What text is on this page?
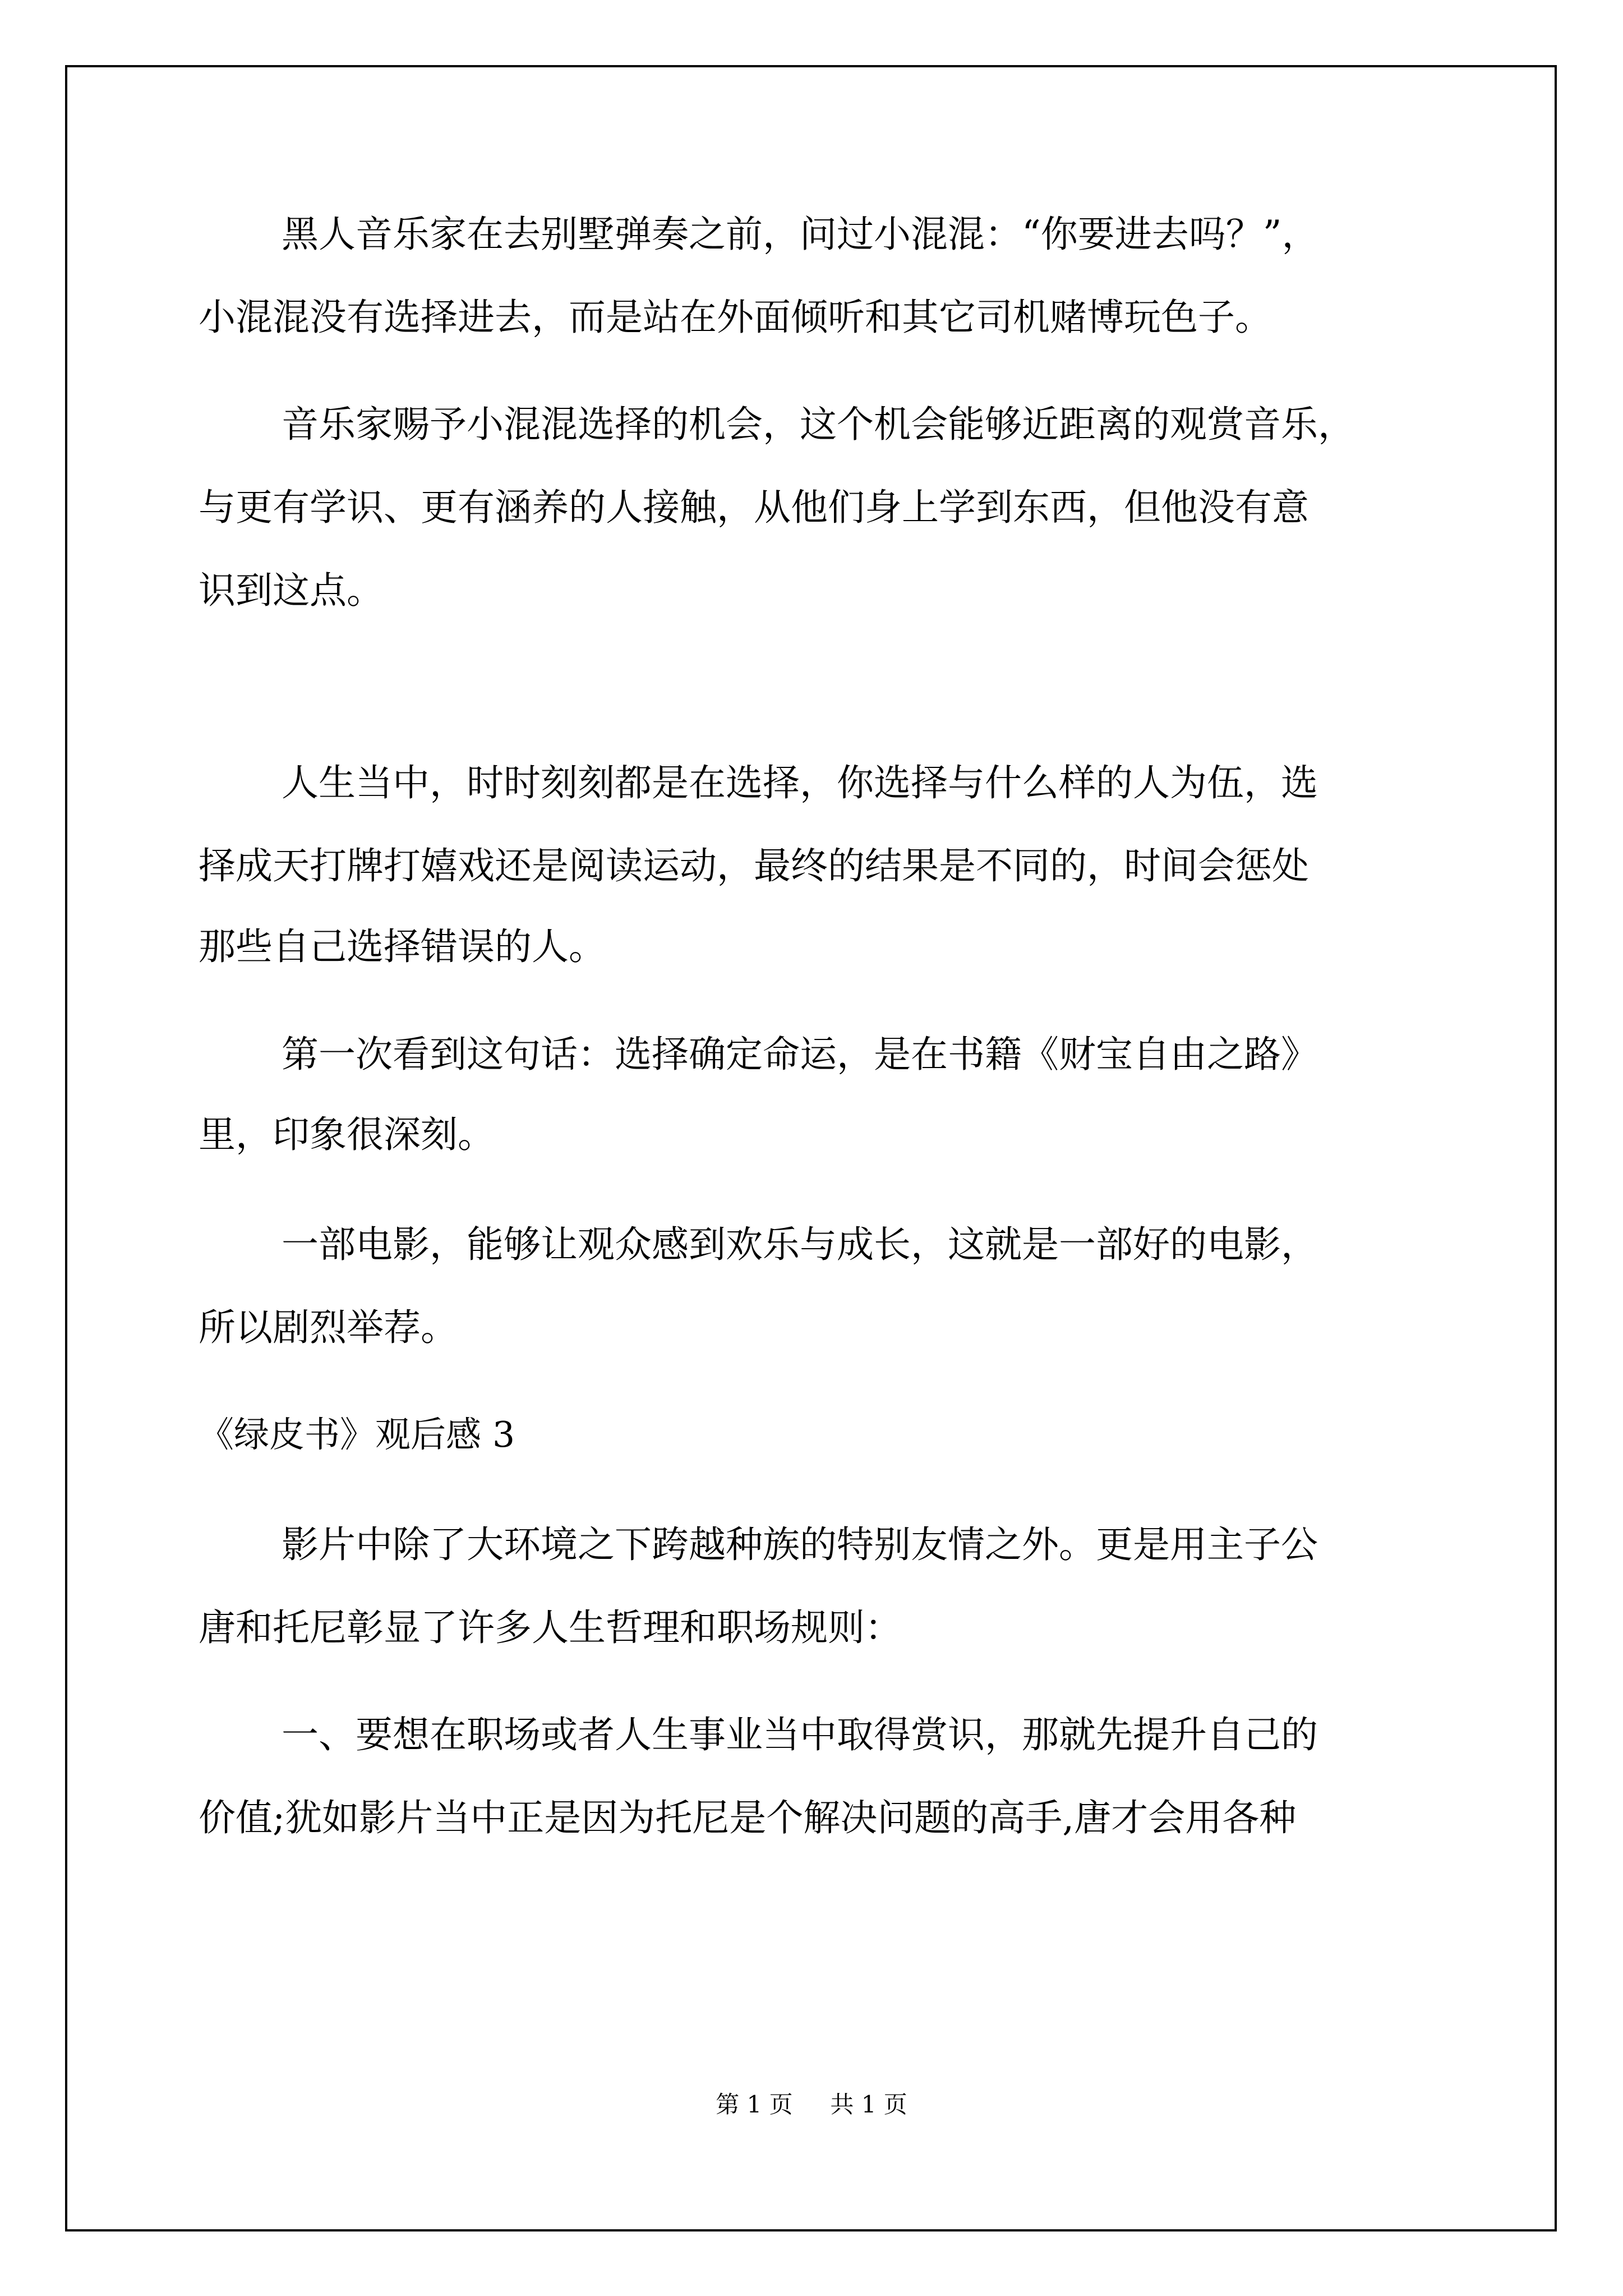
黑人音乐家在去别墅弹奏之前，问过小混混：“你要进去吗？”，

小混混没有选择进去，而是站在外面倾听和其它司机赌博玩色子。

音乐家赐予小混混选择的机会，这个机会能够近距离的观赏音乐，

与更有学识、更有涵养的人接触，从他们身上学到东西，但他没有意

识到这点。

人生当中，时时刻刻都是在选择，你选择与什么样的人为伍，选

择成天打牌打嬉戏还是阅读运动，最终的结果是不同的，时间会惩处

那些自己选择错误的人。

第一次看到这句话：选择确定命运，是在书籍《财宝自由之路》

里，印象很深刻。

一部电影，能够让观众感到欢乐与成长，这就是一部好的电影，

所以剧烈举荐。

《绿皮书》观后感 3

影片中除了大环境之下跨越种族的特别友情之外。更是用主子公

唐和托尼彰显了许多人生哲理和职场规则：

一、要想在职场或者人生事业当中取得赏识，那就先提升自己的

价值;犹如影片当中正是因为托尼是个解决问题的高手,唐才会用各种

第 1 页 共 1 页
